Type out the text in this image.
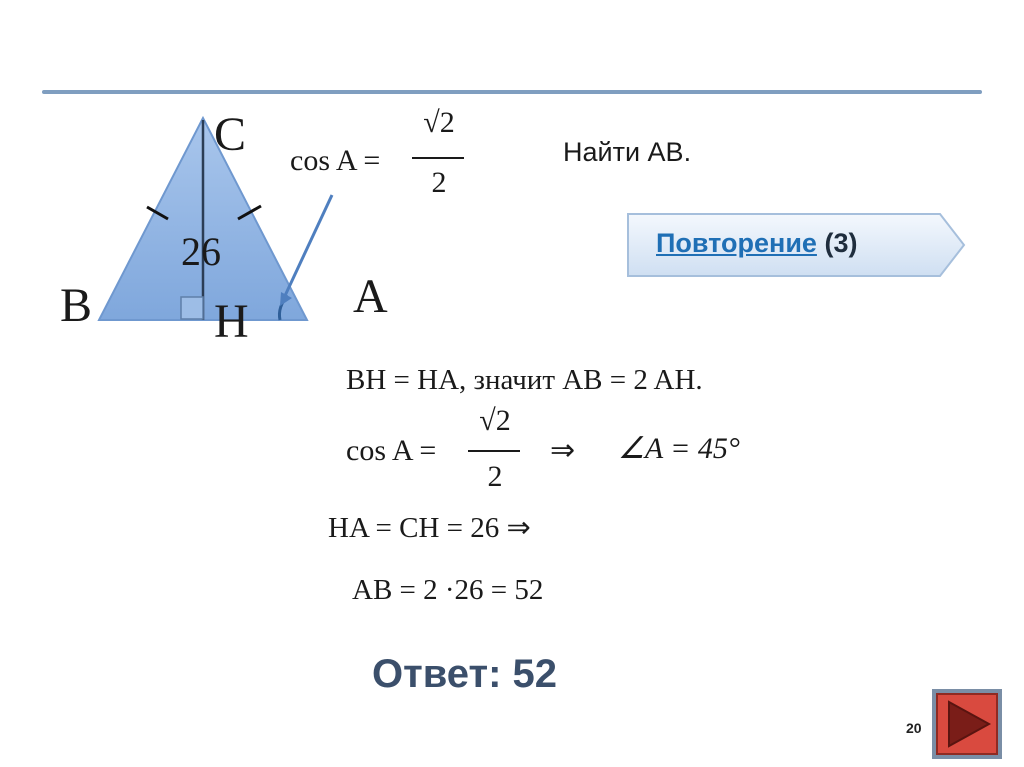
C
B	A
H
26
cos A =
√2
2
Найти АВ.
Повторение (3)
BH = HA, значит AB = 2 AH.
cos A =
√2
2
⇒ ∠A = 45°
HA = CH = 26 ⇒
AB = 2 ·26 = 52
Ответ: 52
20
